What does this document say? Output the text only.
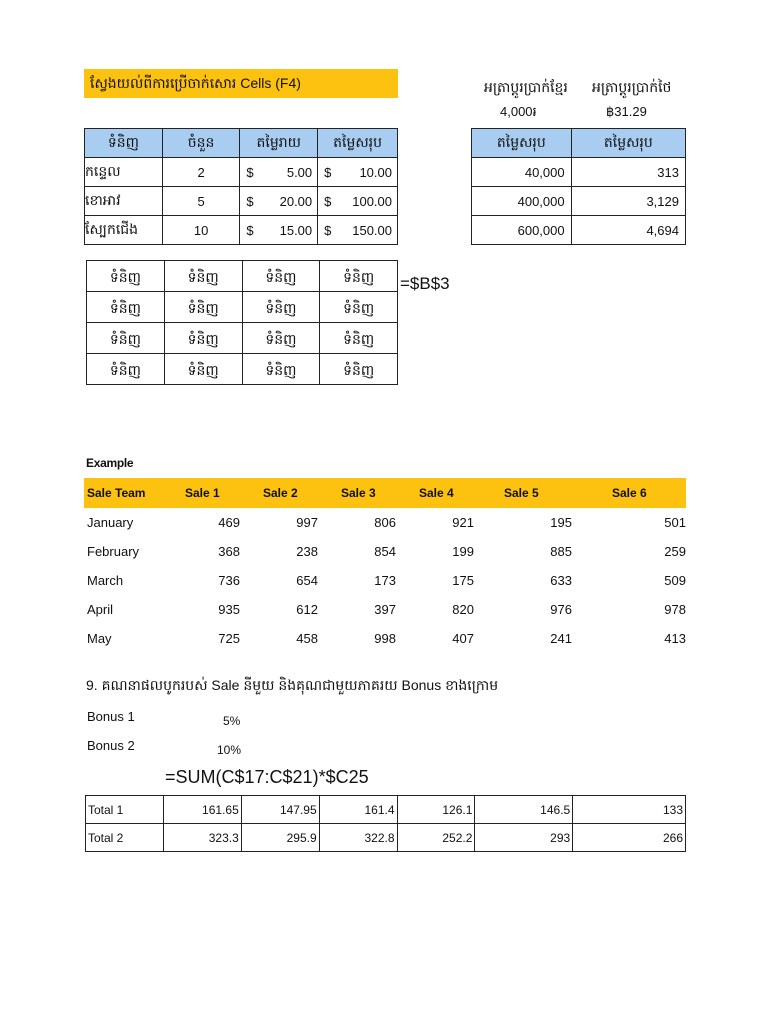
ស្វែងយល់ពីការប្រើចាក់សោរ Cells (F4)	អត្រាប្តូរប្រាក់ខ្មែរ
4,000៛
អត្រាប្តូរប្រាក់ថៃ
฿31.29
ទំនិញ	ចំនួន	តម្លៃរាយ	តម្លៃសរុប
កន្ទេល	2	$ 5.00	$ 10.00

ខោអាវ	5	$ 20.00	$ 100.00

ស្បែកជើង	10	$ 15.00	$ 150.00
តម្លៃសរុប	តម្លៃសរុប
40,000	313
400,000	3,129
600,000	4,694
ទំនិញ	ទំនិញ	ទំនិញ	ទំនិញ
ទំនិញ	ទំនិញ	ទំនិញ	ទំនិញ
ទំនិញ	ទំនិញ	ទំនិញ	ទំនិញ
ទំនិញ	ទំនិញ	ទំនិញ	ទំនិញ
=$B$3
Example
Sale Team	Sale 1	Sale 2	Sale 3	Sale 4	Sale 5	Sale 6
January	469	997	806	921	195	501
February	368	238	854	199	885	259
March	736	654	173	175	633	509
April	935	612	397	820	976	978
May	725	458	998	407	241	413
9. គណនាផលបូករបស់ Sale នីមួយ និងគុណជាមួយភាគរយ Bonus ខាងក្រោម
Bonus 1	5%
Bonus 2	10%
=SUM(C$17:C$21)*$C25
Total 1	161.65	147.95	161.4	126.1	146.5	133
Total 2	323.3	295.9	322.8	252.2	293	266
